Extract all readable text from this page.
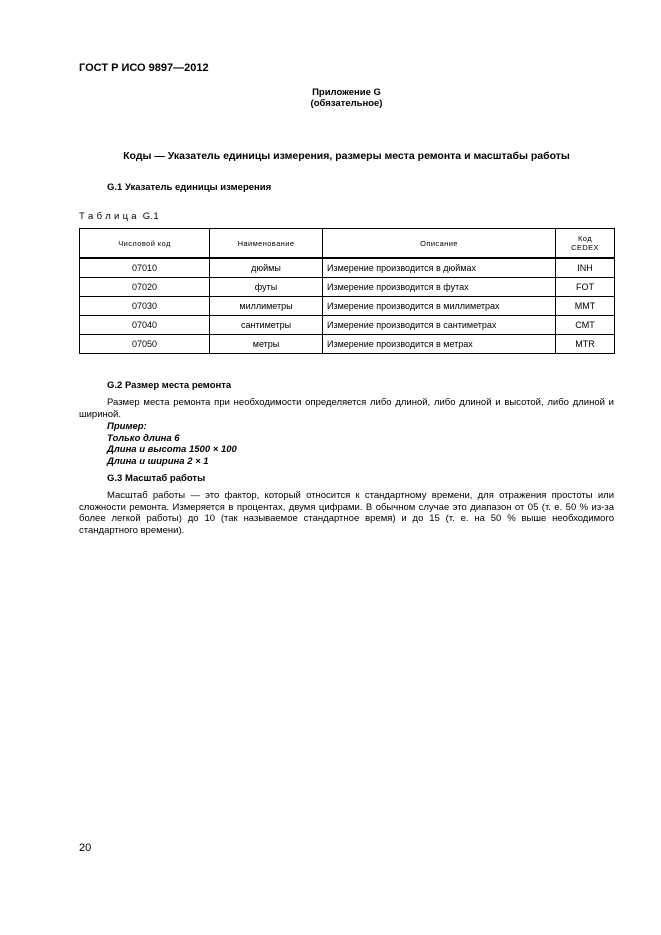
ГОСТ Р ИСО 9897—2012
Приложение G
(обязательное)
Коды — Указатель единицы измерения, размеры места ремонта и масштабы работы
G.1 Указатель единицы измерения
Т а б л и ц а  G.1
Числовой код	Наименование	Описание	Код
CEDEX
07010	дюймы	Измерение производится в дюймах	INH
07020	футы	Измерение производится в футах	FOT
07030	миллиметры	Измерение производится в миллиметрах	MMT
07040	сантиметры	Измерение производится в сантиметрах	CMT
07050	метры	Измерение производится в метрах	MTR
G.2 Размер места ремонта
Размер места ремонта при необходимости определяется либо длиной, либо длиной и высотой, либо длиной и шириной.
Пример:
Только длина 6
Длина и высота 1500 × 100
Длина и ширина 2 × 1
G.3 Масштаб работы
Масштаб работы — это фактор, который относится к стандартному времени, для отражения простоты или сложности ремонта. Измеряется в процентах, двумя цифрами. В обычном случае это диапазон от 05 (т. е. 50 % из-за более легкой работы) до 10 (так называемое стандартное время) и до 15 (т. е. на 50 % выше необходимого стандартного времени).
20
